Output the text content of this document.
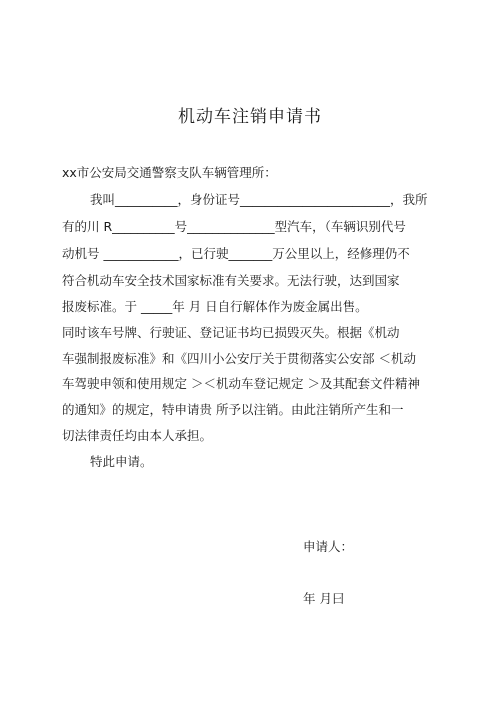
机动车注销申请书
xx市公安局交通警察支队车辆管理所：
我叫__________，身份证号________________________，我所
有的川 R__________号______________型汽车，（车辆识别代号
动机号 ____________，已行驶_______万公里以上，经修理仍不
符合机动车安全技术国家标准有关要求。无法行驶，达到国家
报废标准。于 _____年 月 日自行解体作为废金属出售。
同时该车号牌、行驶证、登记证书均已损毁灭失。根据《机动
车强制报废标准》和《四川小公安厅关于贯彻落实公安部 ＜机动
车驾驶申领和使用规定 ＞＜机动车登记规定 ＞及其配套文件精神
的通知》的规定，特申请贵 所予以注销。由此注销所产生和一
切法律责任均由本人承担。
特此申请。
申请人：
年 月曰
